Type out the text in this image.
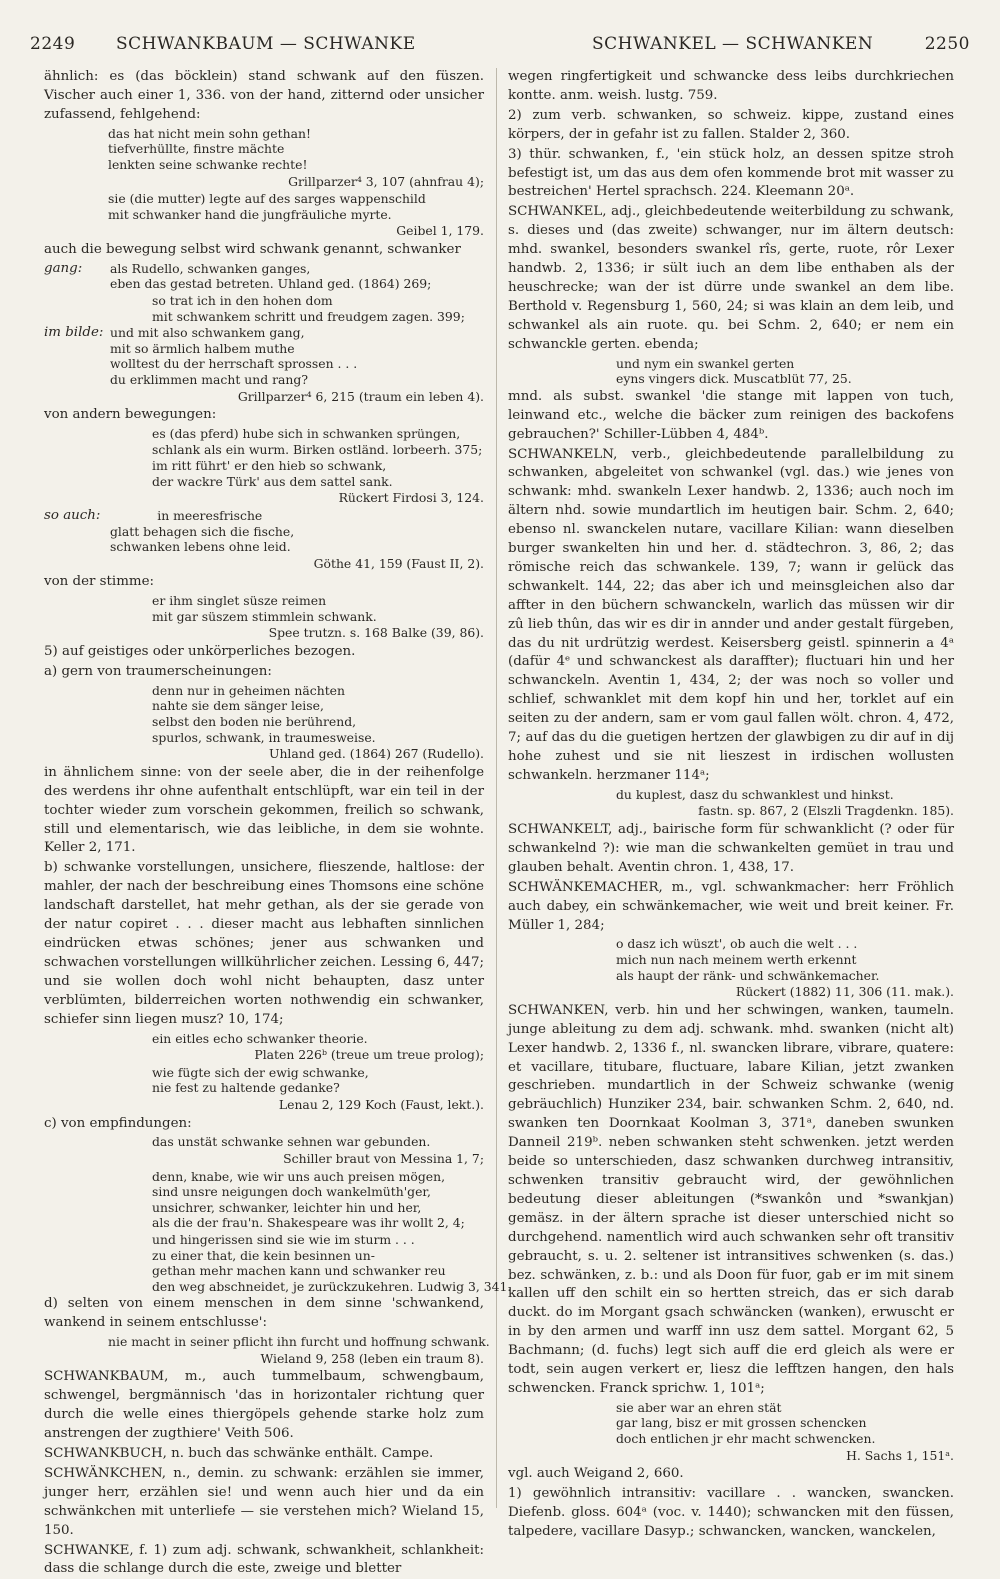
2249 SCHWANKBAUM — SCHWANKE	SCHWANKEL — SCHWANKEN	2250
ähnlich: es (das böcklein) stand schwank auf den füszen. Vischer auch einer 1, 336. von der hand, zitternd oder unsicher zufassend, fehlgehend:
das hat nicht mein sohn gethan!
tiefverhüllte, finstre mächte
lenkten seine schwanke rechte!
Grillparzer⁴ 3, 107 (ahnfrau 4);
sie (die mutter) legte auf des sarges wappenschild
mit schwanker hand die jungfräuliche myrte.
Geibel 1, 179.
auch die bewegung selbst wird schwank genannt, schwanker
gang:	als Rudello, schwanken ganges,
eben das gestad betreten. Uhland ged. (1864) 269;
so trat ich in den hohen dom
mit schwankem schritt und freudgem zagen. 399;
im bilde: und mit also schwankem gang,
mit so ärmlich halbem muthe
wolltest du der herrschaft sprossen . . .
du erklimmen macht und rang?
Grillparzer⁴ 6, 215 (traum ein leben 4).
von andern bewegungen:
es (das pferd) hube sich in schwanken sprüngen,
schlank als ein wurm. Birken ostländ. lorbeerh. 375;
im ritt führt' er den hieb so schwank,
der wackre Türk' aus dem sattel sank.
Rückert Firdosi 3, 124.
so auch:	in meeresfrische
glatt behagen sich die fische,
schwanken lebens ohne leid.
Göthe 41, 159 (Faust II, 2).
von der stimme:
er ihm singlet süsze reimen
mit gar süszem stimmlein schwank.
Spee trutzn. s. 168 Balke (39, 86).
5) auf geistiges oder unkörperliches bezogen.
a) gern von traumerscheinungen:
denn nur in geheimen nächten
nahte sie dem sänger leise,
selbst den boden nie berührend,
spurlos, schwank, in traumesweise.
Uhland ged. (1864) 267 (Rudello).
in ähnlichem sinne: von der seele aber, die in der reihenfolge des werdens ihr ohne aufenthalt entschlüpft, war ein teil in der tochter wieder zum vorschein gekommen, freilich so schwank, still und elementarisch, wie das leibliche, in dem sie wohnte. Keller 2, 171.
b) schwanke vorstellungen, unsichere, flieszende, haltlose: der mahler, der nach der beschreibung eines Thomsons eine schöne landschaft darstellet, hat mehr gethan, als der sie gerade von der natur copiret . . . dieser macht aus lebhaften sinnlichen eindrücken etwas schönes; jener aus schwanken und schwachen vorstellungen willkührlicher zeichen. Lessing 6, 447; und sie wollen doch wohl nicht behaupten, dasz unter verblümten, bilderreichen worten nothwendig ein schwanker, schiefer sinn liegen musz? 10, 174;
ein eitles echo schwanker theorie.
Platen 226ᵇ (treue um treue prolog);
wie fügte sich der ewig schwanke,
nie fest zu haltende gedanke?
Lenau 2, 129 Koch (Faust, lekt.).
c) von empfindungen:
das unstät schwanke sehnen war gebunden.
Schiller braut von Messina 1, 7;
denn, knabe, wie wir uns auch preisen mögen,
sind unsre neigungen doch wankelmüth'ger,
unsichrer, schwanker, leichter hin und her,
als die der frau'n. Shakespeare was ihr wollt 2, 4;
und hingerissen sind sie wie im sturm . . .
zu einer that, die kein besinnen un-
gethan mehr machen kann und schwanker reu
den weg abschneidet, je zurückzukehren. Ludwig 3, 341.
d) selten von einem menschen in dem sinne 'schwankend, wankend in seinem entschlusse':
nie macht in seiner pflicht ihn furcht und hoffnung schwank.
Wieland 9, 258 (leben ein traum 8).
SCHWANKBAUM, m., auch tummelbaum, schwengbaum, schwengel, bergmännisch 'das in horizontaler richtung quer durch die welle eines thiergöpels gehende starke holz zum anstrengen der zugthiere' Veith 506.
SCHWANKBUCH, n. buch das schwänke enthält. Campe.
SCHWÄNKCHEN, n., demin. zu schwank: erzählen sie immer, junger herr, erzählen sie! und wenn auch hier und da ein schwänkchen mit unterliefe — sie verstehen mich? Wieland 15, 150.
SCHWANKE, f. 1) zum adj. schwank, schwankheit, schlankheit: dass die schlange durch die este, zweige und bletter
wegen ringfertigkeit und schwancke dess leibs durchkriechen kontte. anm. weish. lustg. 759.
2) zum verb. schwanken, so schweiz. kippe, zustand eines körpers, der in gefahr ist zu fallen. Stalder 2, 360.
3) thür. schwanken, f., 'ein stück holz, an dessen spitze stroh befestigt ist, um das aus dem ofen kommende brot mit wasser zu bestreichen' Hertel sprachsch. 224. Kleemann 20ᵃ.
SCHWANKEL, adj., gleichbedeutende weiterbildung zu schwank, s. dieses und (das zweite) schwanger, nur im ältern deutsch: mhd. swankel, besonders swankel rîs, gerte, ruote, rôr Lexer handwb. 2, 1336; ir sült iuch an dem libe enthaben als der heuschrecke; wan der ist dürre unde swankel an dem libe. Berthold v. Regensburg 1, 560, 24; si was klain an dem leib, und schwankel als ain ruote. qu. bei Schm. 2, 640; er nem ein schwanckle gerten. ebenda;
und nym ein swankel gerten
eyns vingers dick. Muscatblüt 77, 25.
mnd. als subst. swankel 'die stange mit lappen von tuch, leinwand etc., welche die bäcker zum reinigen des backofens gebrauchen?' Schiller-Lübben 4, 484ᵇ.
SCHWANKELN, verb., gleichbedeutende parallelbildung zu schwanken, abgeleitet von schwankel (vgl. das.) wie jenes von schwank: mhd. swankeln Lexer handwb. 2, 1336; auch noch im ältern nhd. sowie mundartlich im heutigen bair. Schm. 2, 640; ebenso nl. swanckelen nutare, vacillare Kilian: wann dieselben burger swankelten hin und her. d. städtechron. 3, 86, 2; das römische reich das schwankele. 139, 7; wann ir gelück das schwankelt. 144, 22; das aber ich und meinsgleichen also dar affter in den büchern schwanckeln, warlich das müssen wir dir zû lieb thûn, das wir es dir in annder und ander gestalt fürgeben, das du nit urdrützig werdest. Keisersberg geistl. spinnerin a 4ᵃ (dafür 4ᵉ und schwanckest als daraffter); fluctuari hin und her schwanckeln. Aventin 1, 434, 2; der was noch so voller und schlief, schwanklet mit dem kopf hin und her, torklet auf ein seiten zu der andern, sam er vom gaul fallen wölt. chron. 4, 472, 7; auf das du die guetigen hertzen der glawbigen zu dir auf in dij hohe zuhest und sie nit lieszest in irdischen wollusten schwankeln. herzmaner 114ᵃ;
du kuplest, dasz du schwanklest und hinkst.
fastn. sp. 867, 2 (Elszli Tragdenkn. 185).
SCHWANKELT, adj., bairische form für schwanklicht (? oder für schwankelnd ?): wie man die schwankelten gemüet in trau und glauben behalt. Aventin chron. 1, 438, 17.
SCHWÄNKEMACHER, m., vgl. schwankmacher: herr Fröhlich auch dabey, ein schwänkemacher, wie weit und breit keiner. Fr. Müller 1, 284;
o dasz ich wüszt', ob auch die welt . . .
mich nun nach meinem werth erkennt
als haupt der ränk- und schwänkemacher.
Rückert (1882) 11, 306 (11. mak.).
SCHWANKEN, verb. hin und her schwingen, wanken, taumeln. junge ableitung zu dem adj. schwank. mhd. swanken (nicht alt) Lexer handwb. 2, 1336 f., nl. swancken librare, vibrare, quatere: et vacillare, titubare, fluctuare, labare Kilian, jetzt zwanken geschrieben. mundartlich in der Schweiz schwanke (wenig gebräuchlich) Hunziker 234, bair. schwanken Schm. 2, 640, nd. swanken ten Doornkaat Koolman 3, 371ᵃ, daneben swunken Danneil 219ᵇ. neben schwanken steht schwenken. jetzt werden beide so unterschieden, dasz schwanken durchweg intransitiv, schwenken transitiv gebraucht wird, der gewöhnlichen bedeutung dieser ableitungen (*swankôn und *swankjan) gemäsz. in der ältern sprache ist dieser unterschied nicht so durchgehend. namentlich wird auch schwanken sehr oft transitiv gebraucht, s. u. 2. seltener ist intransitives schwenken (s. das.) bez. schwänken, z. b.: und als Doon für fuor, gab er im mit sinem kallen uff den schilt ein so hertten streich, das er sich darab duckt. do im Morgant gsach schwäncken (wanken), erwuscht er in by den armen und warff inn usz dem sattel. Morgant 62, 5 Bachmann; (d. fuchs) legt sich auff die erd gleich als were er todt, sein augen verkert er, liesz die lefftzen hangen, den hals schwencken. Franck sprichw. 1, 101ᵃ;
sie aber war an ehren stät
gar lang, bisz er mit grossen schencken
doch entlichen jr ehr macht schwencken.
H. Sachs 1, 151ᵃ.
vgl. auch Weigand 2, 660.
1) gewöhnlich intransitiv: vacillare . . wancken, swancken. Diefenb. gloss. 604ᵃ (voc. v. 1440); schwancken mit den füssen, talpedere, vacillare Dasyp.; schwancken, wancken, wanckelen,
